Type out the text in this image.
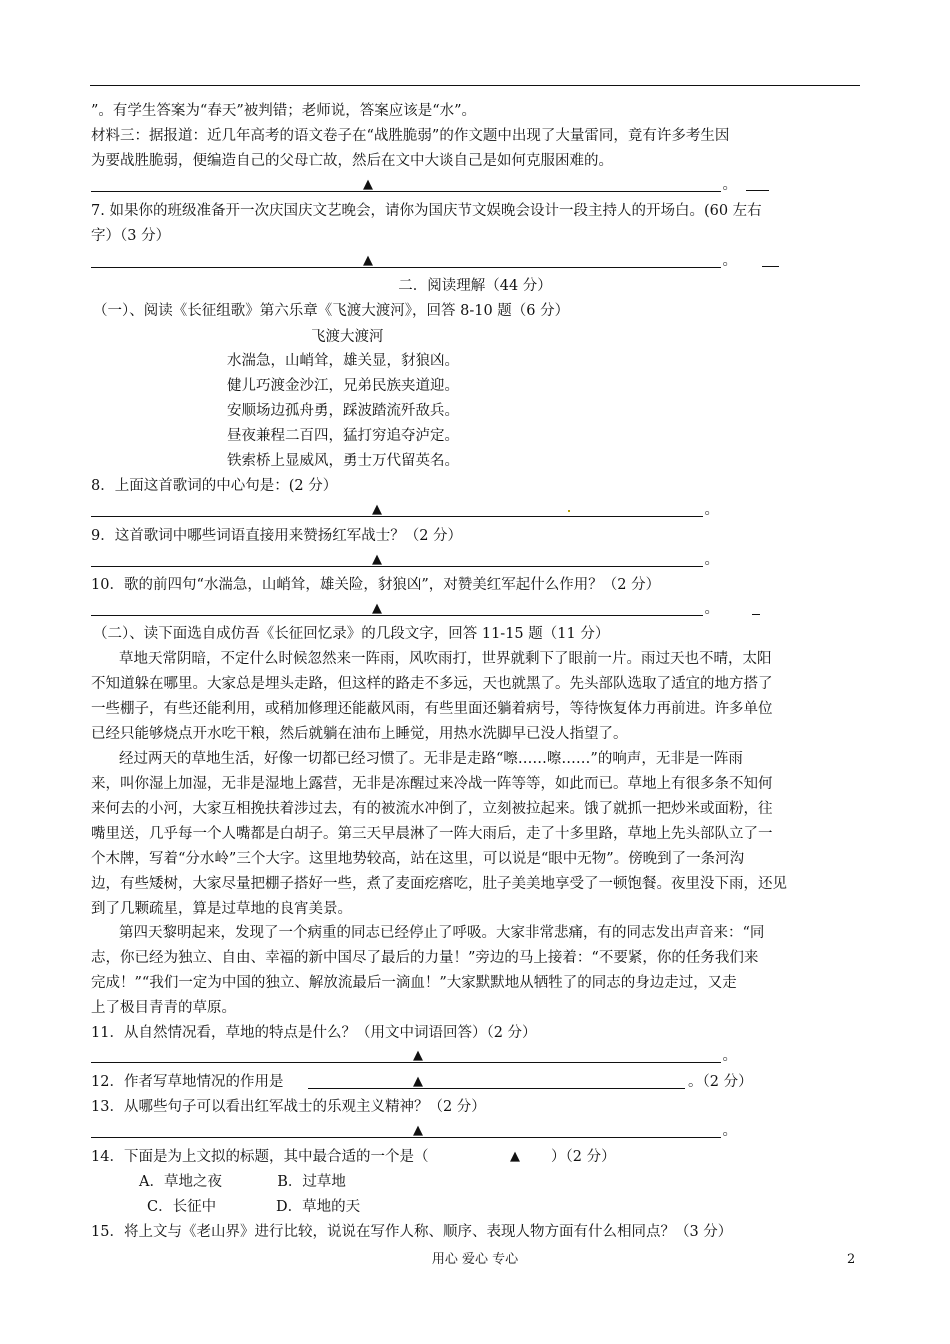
”。有学生答案为“春天”被判错；老师说，答案应该是“水”。
材料三：据报道：近几年高考的语文卷子在“战胜脆弱”的作文题中出现了大量雷同，竟有许多考生因
为要战胜脆弱，便编造自己的父母亡故，然后在文中大谈自己是如何克服困难的。
▲	。
7. 如果你的班级准备开一次庆国庆文艺晚会，请你为国庆节文娱晚会设计一段主持人的开场白。(60 左右
字）（3 分）
▲	。
二．阅读理解（44 分）
（一）、阅读《长征组歌》第六乐章《飞渡大渡河》，回答 8-10 题（6 分）
飞渡大渡河
水湍急，山峭耸，雄关显，豺狼凶。
健儿巧渡金沙江，兄弟民族夹道迎。
安顺场边孤舟勇，踩波踏流歼敌兵。
昼夜兼程二百四，猛打穷追夺泸定。
铁索桥上显威风，勇士万代留英名。
8．上面这首歌词的中心句是：(2 分）
▲	。
9．这首歌词中哪些词语直接用来赞扬红军战士？（2 分）
▲	。
10．歌的前四句“水湍急，山峭耸，雄关险，豺狼凶”，对赞美红军起什么作用？（2 分）
▲	。
（二）、读下面选自成仿吾《长征回忆录》的几段文字，回答 11-15 题（11 分）
草地天常阴暗，不定什么时候忽然来一阵雨，风吹雨打，世界就剩下了眼前一片。雨过天也不晴，太阳
不知道躲在哪里。大家总是埋头走路，但这样的路走不多远，天也就黑了。先头部队选取了适宜的地方搭了
一些棚子，有些还能利用，或稍加修理还能蔽风雨，有些里面还躺着病号，等待恢复体力再前进。许多单位
已经只能够烧点开水吃干粮，然后就躺在油布上睡觉，用热水洗脚早已没人指望了。
经过两天的草地生活，好像一切都已经习惯了。无非是走路“嚓……嚓……”的响声，无非是一阵雨
来，叫你湿上加湿，无非是湿地上露营，无非是冻醒过来冷战一阵等等，如此而已。草地上有很多条不知何
来何去的小河，大家互相挽扶着涉过去，有的被流水冲倒了，立刻被拉起来。饿了就抓一把炒米或面粉，往
嘴里送，几乎每一个人嘴都是白胡子。第三天早晨淋了一阵大雨后，走了十多里路，草地上先头部队立了一
个木牌，写着“分水岭”三个大字。这里地势较高，站在这里，可以说是“眼中无物”。傍晚到了一条河沟
边，有些矮树，大家尽量把棚子搭好一些，煮了麦面疙瘩吃，肚子美美地享受了一顿饱餐。夜里没下雨，还见
到了几颗疏星，算是过草地的良宵美景。
第四天黎明起来，发现了一个病重的同志已经停止了呼吸。大家非常悲痛，有的同志发出声音来：“同
志，你已经为独立、自由、幸福的新中国尽了最后的力量！”旁边的马上接着：“不要紧，你的任务我们来
完成！”“我们一定为中国的独立、解放流最后一滴血！”大家默默地从牺牲了的同志的身边走过，又走
上了极目青青的草原。
11．从自然情况看，草地的特点是什么？（用文中词语回答）（2 分）
▲	。
12．作者写草地情况的作用是	▲	。（2 分）
13．从哪些句子可以看出红军战士的乐观主义精神？（2 分）
▲	。
14．下面是为上文拟的标题，其中最合适的一个是（	▲ ）（2 分）
A．草地之夜            B．过草地
C．长征中             D．草地的天
15．将上文与《老山界》进行比较，说说在写作人称、顺序、表现人物方面有什么相同点？（3 分）
用心 爱心 专心	2
